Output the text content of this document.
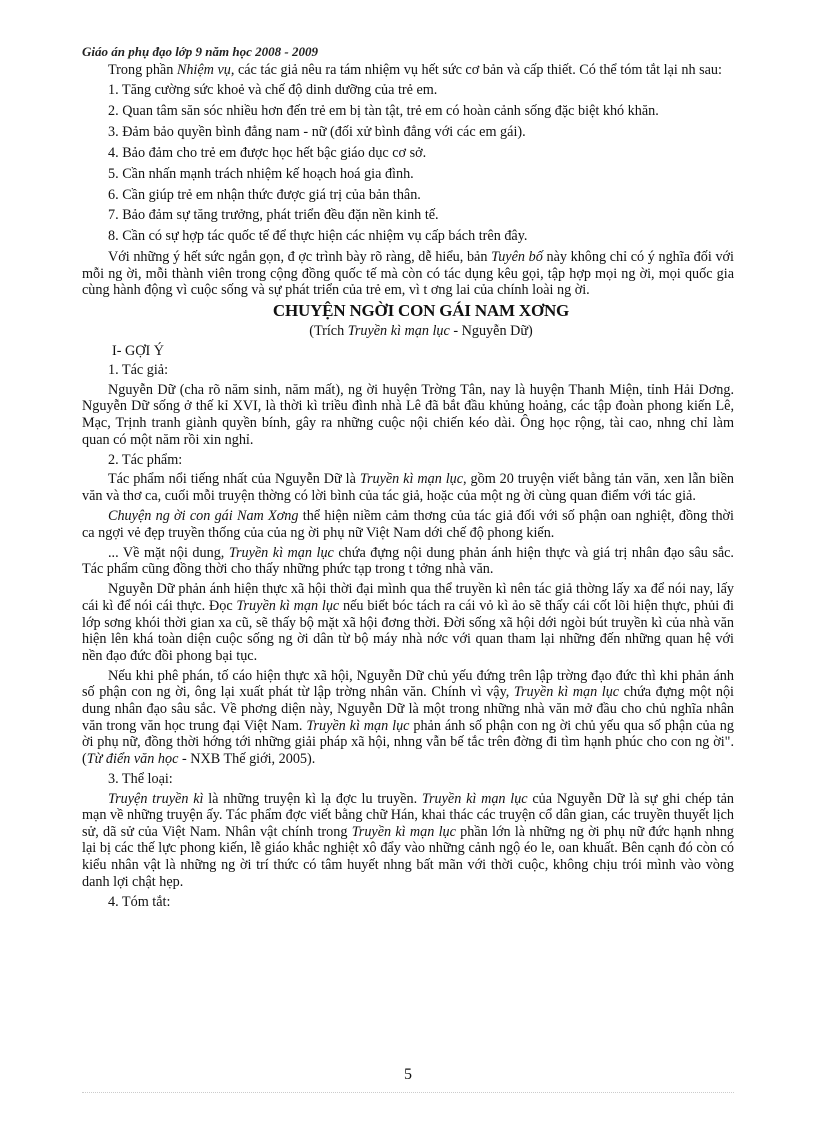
Giáo án phụ đạo lớp 9 năm học 2008 - 2009

Trong phần Nhiệm vụ, các tác giả nêu ra tám nhiệm vụ hết sức cơ bản và cấp thiết. Có thể tóm tắt lại nh sau:

1. Tăng cường sức khoẻ và chế độ dinh dưỡng của trẻ em.

2. Quan tâm săn sóc nhiều hơn đến trẻ em bị tàn tật, trẻ em có hoàn cảnh sống đặc biệt khó khăn.

3. Đảm bảo quyền bình đẳng nam - nữ (đối xử bình đẳng với các em gái).

4. Bảo đảm cho trẻ em được học hết bậc giáo dục cơ sở.

5. Cần nhấn mạnh trách nhiệm kế hoạch hoá gia đình.

6. Cần giúp trẻ em nhận thức được giá trị của bản thân.

7. Bảo đảm sự tăng trưởng, phát triển đều đặn nền kinh tế.

8. Cần có sự hợp tác quốc tế để thực hiện các nhiệm vụ cấp bách trên đây.

Với những ý hết sức ngắn gọn, đ ợc trình bày rõ ràng, dễ hiểu, bản Tuyên bố này không chỉ có ý nghĩa đối với mỗi ng ời, mỗi thành viên trong cộng đồng quốc tế mà còn có tác dụng kêu gọi, tập hợp mọi ng ời, mọi quốc gia cùng hành động vì cuộc sống và sự phát triển của trẻ em, vì t ơng lai của chính loài ng ời.

CHUYỆN NGỜI CON GÁI NAM XƠNG

(Trích Truyền kì mạn lục - Nguyễn Dữ)

I- GỢI Ý

1. Tác giả:

Nguyễn Dữ (cha rõ năm sinh, năm mất), ng ời huyện Trờng Tân, nay là huyện Thanh Miện, tỉnh Hải Dơng. Nguyễn Dữ sống ở thế kỉ XVI, là thời kì triều đình nhà Lê đã bắt đầu khủng hoảng, các tập đoàn phong kiến Lê, Mạc, Trịnh tranh giành quyền bính, gây ra những cuộc nội chiến kéo dài. Ông học rộng, tài cao, nhng chỉ làm quan có một năm rồi xin nghỉ.

2. Tác phẩm:

Tác phẩm nổi tiếng nhất của Nguyễn Dữ là Truyền kì mạn lục, gồm 20 truyện viết bằng tản văn, xen lẫn biền văn và thơ ca, cuối mỗi truyện thờng có lời bình của tác giả, hoặc của một ng ời cùng quan điểm với tác giả.

Chuyện ng ời con gái Nam Xơng thể hiện niềm cảm thơng của tác giả đối với số phận oan nghiệt, đồng thời ca ngợi vẻ đẹp truyền thống của của ng ời phụ nữ Việt Nam dới chế độ phong kiến.

... Về mặt nội dung, Truyền kì mạn lục chứa đựng nội dung phản ánh hiện thực và giá trị nhân đạo sâu sắc. Tác phẩm cũng đồng thời cho thấy những phức tạp trong t tởng nhà văn.

Nguyễn Dữ phản ánh hiện thực xã hội thời đại mình qua thể truyền kì nên tác giả thờng lấy xa để nói nay, lấy cái kì để nói cái thực. Đọc Truyền kì mạn lục nếu biết bóc tách ra cái vỏ kì ảo sẽ thấy cái cốt lõi hiện thực, phủi đi lớp sơng khói thời gian xa cũ, sẽ thấy bộ mặt xã hội đơng thời. Đời sống xã hội dới ngòi bút truyền kì của nhà văn hiện lên khá toàn diện cuộc sống ng ời dân từ bộ máy nhà nớc với quan tham lại những đến những quan hệ với nền đạo đức đồi phong bại tục.

Nếu khi phê phán, tố cáo hiện thực xã hội, Nguyễn Dữ chủ yếu đứng trên lập trờng đạo đức thì khi phản ánh số phận con ng ời, ông lại xuất phát từ lập trờng nhân văn. Chính vì vậy, Truyền kì mạn lục chứa đựng một nội dung nhân đạo sâu sắc. Về phơng diện này, Nguyễn Dữ là một trong những nhà văn mở đầu cho chủ nghĩa nhân văn trong văn học trung đại Việt Nam. Truyền kì mạn lục phản ánh số phận con ng ời chủ yếu qua số phận của ng ời phụ nữ, đồng thời hớng tới những giải pháp xã hội, nhng vẫn bế tắc trên đờng đi tìm hạnh phúc cho con ng ời". (Từ điển văn học - NXB Thế giới, 2005).

3. Thể loại:

Truyện truyền kì là những truyện kì lạ đợc lu truyền. Truyền kì mạn lục của Nguyễn Dữ là sự ghi chép tản mạn về những truyện ấy. Tác phẩm đợc viết bằng chữ Hán, khai thác các truyện cổ dân gian, các truyền thuyết lịch sử, dã sử của Việt Nam. Nhân vật chính trong Truyền kì mạn lục phần lớn là những ng ời phụ nữ đức hạnh nhng lại bị các thế lực phong kiến, lễ giáo khắc nghiệt xô đẩy vào những cảnh ngộ éo le, oan khuất. Bên cạnh đó còn có kiểu nhân vật là những ng ời trí thức có tâm huyết nhng bất mãn với thời cuộc, không chịu trói mình vào vòng danh lợi chật hẹp.

4. Tóm tắt:

5
